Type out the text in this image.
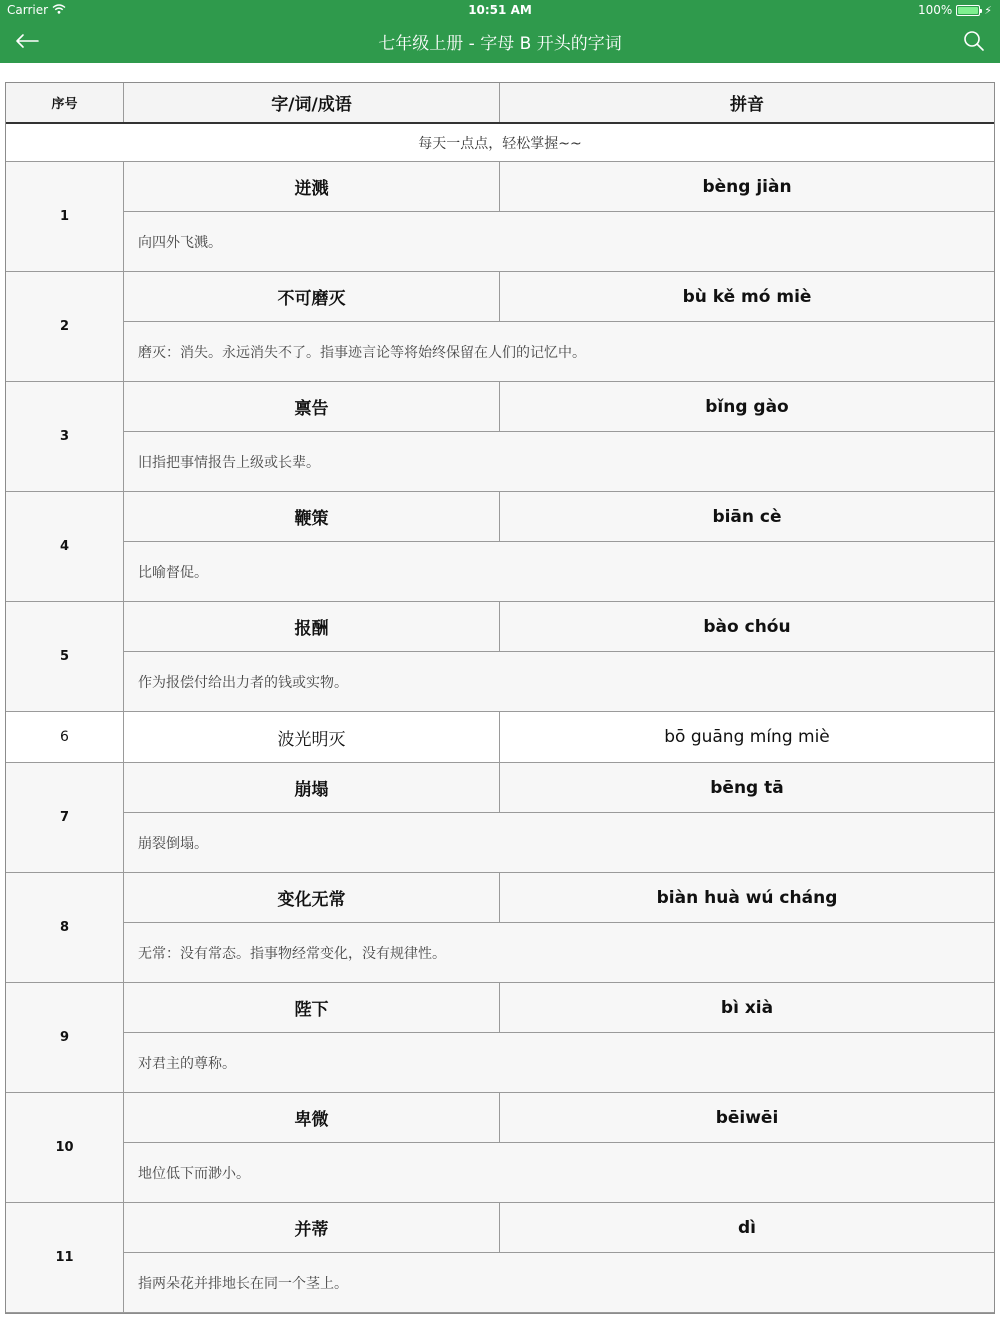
Carrier	10:51 AM	100%	⚡
七年级上册 - 字母 B 开头的字词
序号	字/词/成语	拼音
每天一点点，轻松掌握~~
1
迸溅	bèng jiàn
向四外飞溅。
2
不可磨灭	bù kě mó miè
磨灭：消失。永远消失不了。指事迹言论等将始终保留在人们的记忆中。
3
禀告	bǐng gào
旧指把事情报告上级或长辈。
4
鞭策	biān cè
比喻督促。
5
报酬	bào chóu
作为报偿付给出力者的钱或实物。
6	波光明灭	bō guāng míng miè
7
崩塌	bēng tā
崩裂倒塌。
8
变化无常	biàn huà wú cháng
无常：没有常态。指事物经常变化，没有规律性。
9
陛下	bì xià
对君主的尊称。
10
卑微	bēiwēi
地位低下而渺小。
11
并蒂	dì
指两朵花并排地长在同一个茎上。
